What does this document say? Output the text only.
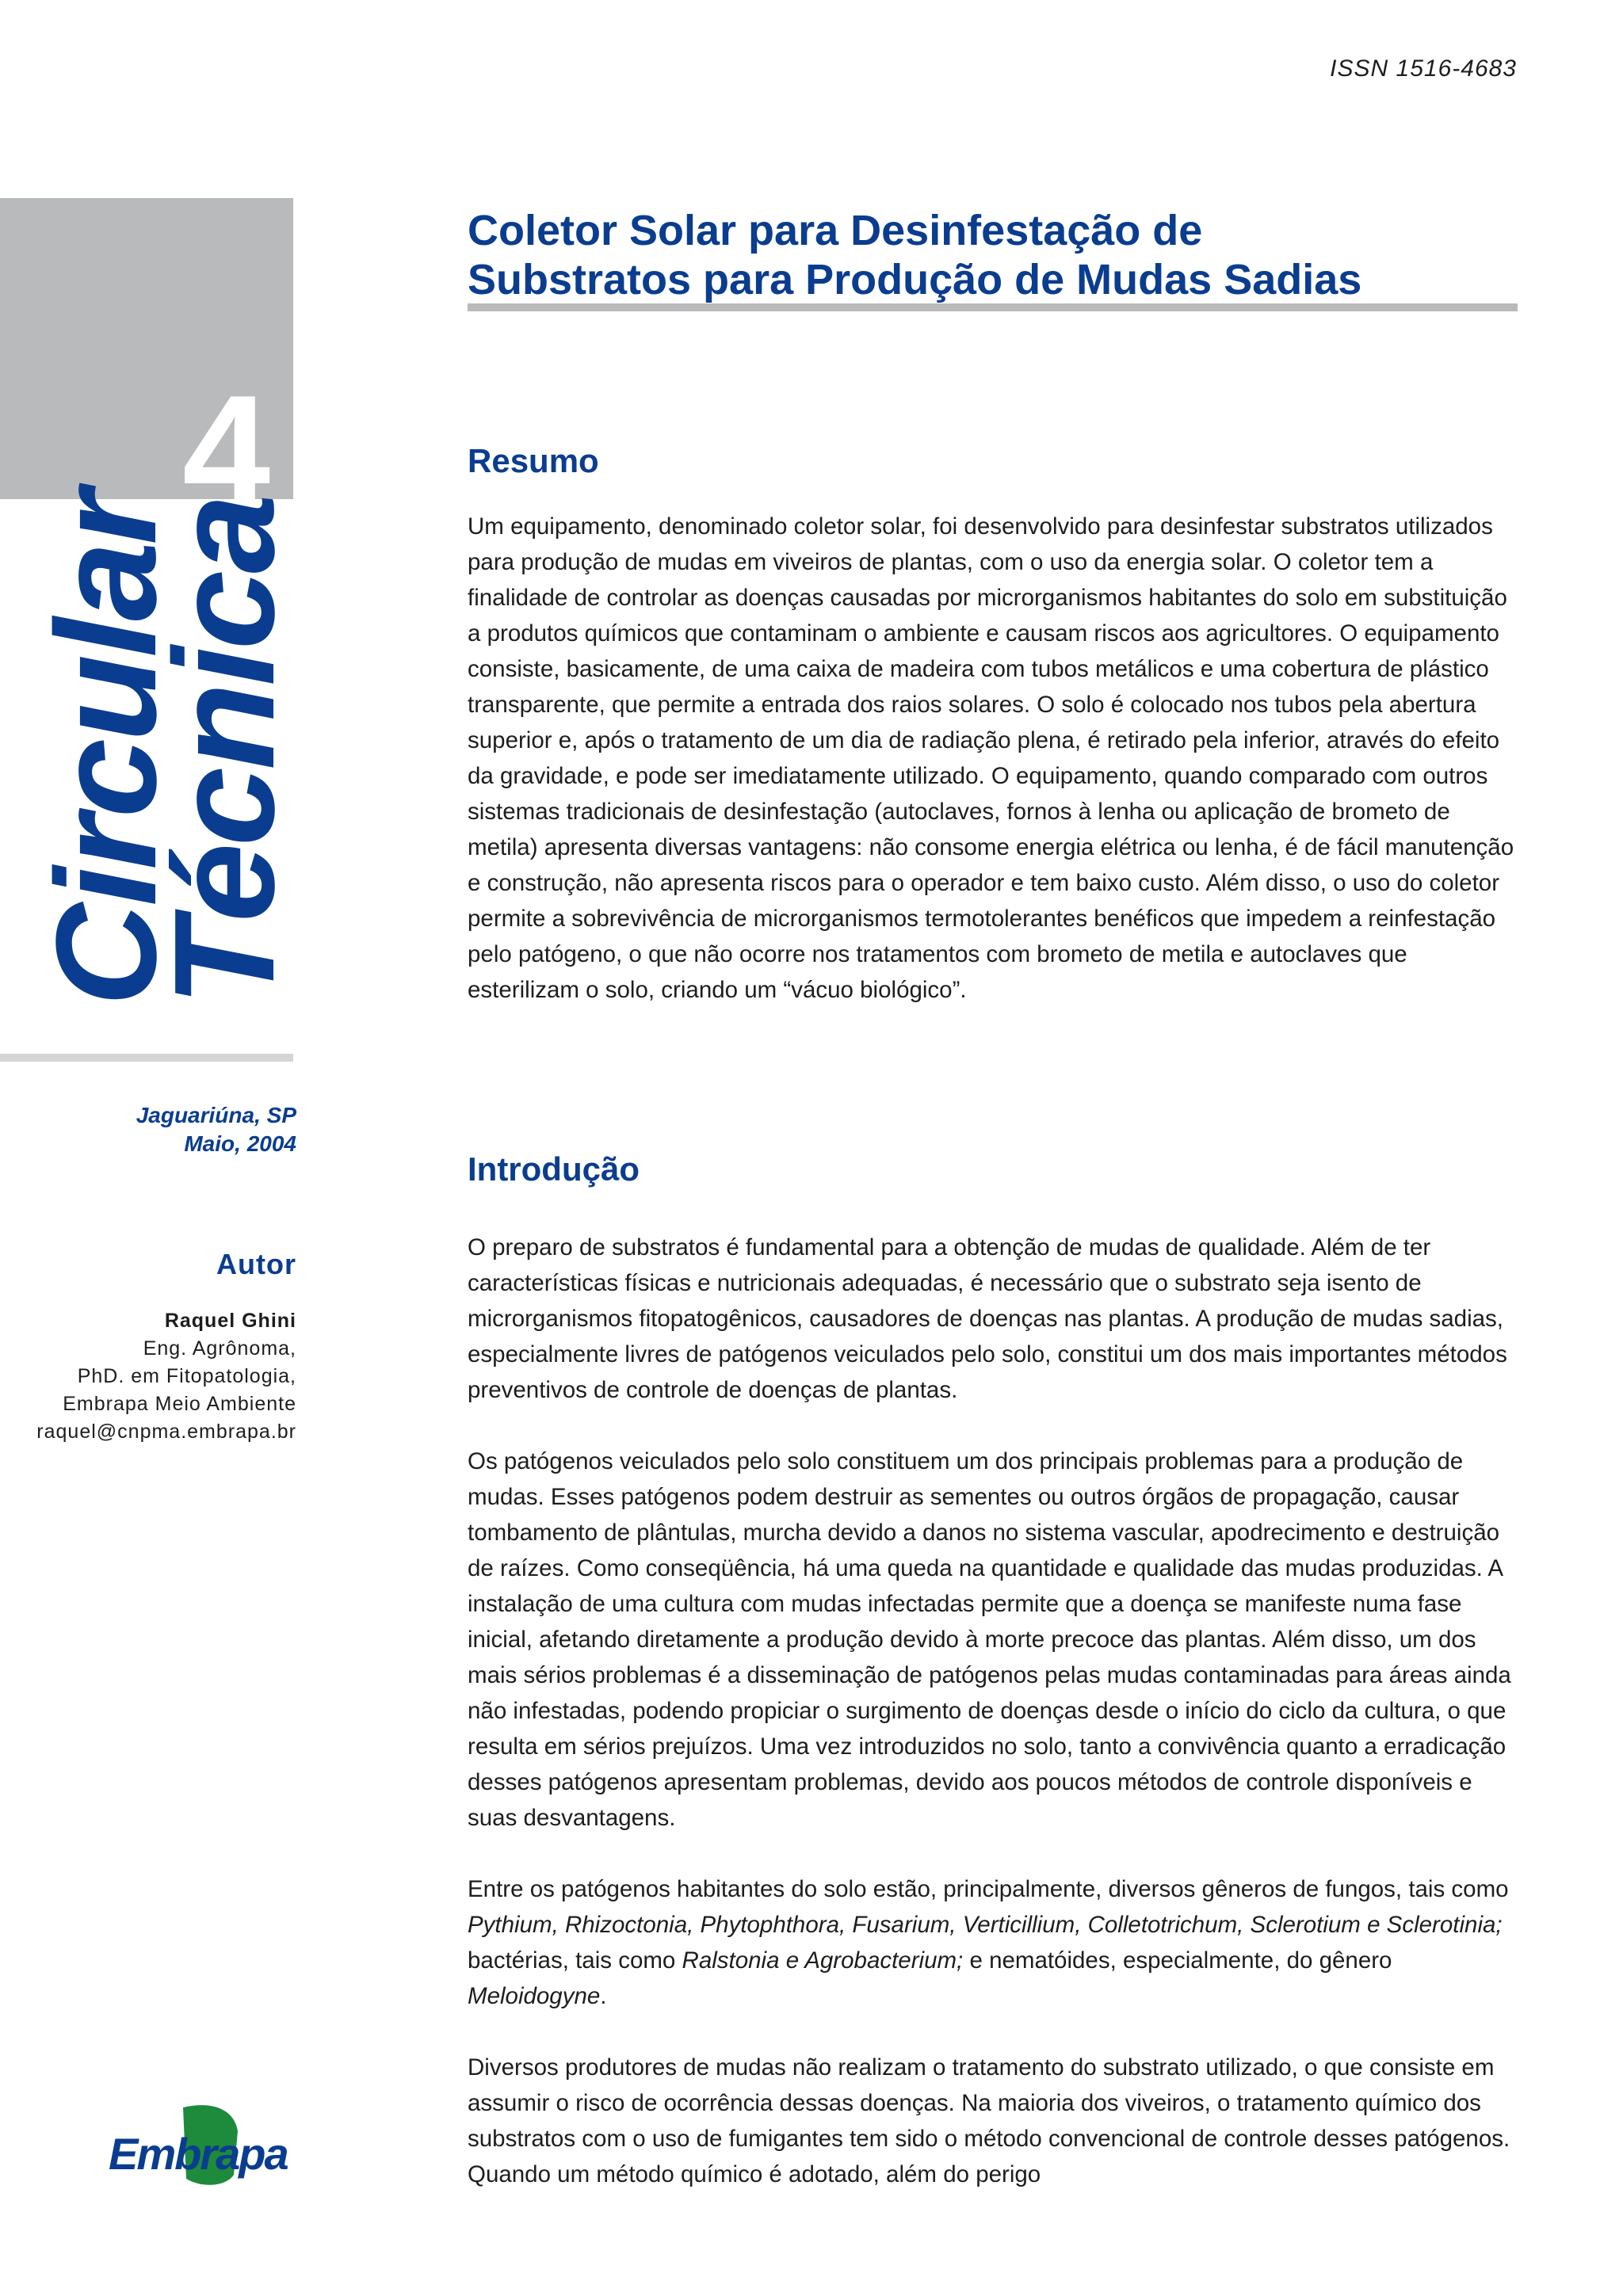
ISSN 1516-4683
4
Circular
Técnica
Jaguariúna, SP
Maio, 2004
Autor
Raquel Ghini
Eng. Agrônoma,
PhD. em Fitopatologia,
Embrapa Meio Ambiente
raquel@cnpma.embrapa.br
Embrapa
Coletor Solar para Desinfestação de
Substratos para Produção de Mudas Sadias
Resumo

Um equipamento, denominado coletor solar, foi desenvolvido para desinfestar substratos utilizados para produção de mudas em viveiros de plantas, com o uso da energia solar. O coletor tem a finalidade de controlar as doenças causadas por microrganismos habitantes do solo em substituição a produtos químicos que contaminam o ambiente e causam riscos aos agricultores. O equipamento consiste, basicamente, de uma caixa de madeira com tubos metálicos e uma cobertura de plástico transparente, que permite a entrada dos raios solares. O solo é colocado nos tubos pela abertura superior e, após o tratamento de um dia de radiação plena, é retirado pela inferior, através do efeito da gravidade, e pode ser imediatamente utilizado. O equipamento, quando comparado com outros sistemas tradicionais de desinfestação (autoclaves, fornos à lenha ou aplicação de brometo de metila) apresenta diversas vantagens: não consome energia elétrica ou lenha, é de fácil manutenção e construção, não apresenta riscos para o operador e tem baixo custo. Além disso, o uso do coletor permite a sobrevivência de microrganismos termotolerantes benéficos que impedem a reinfestação pelo patógeno, o que não ocorre nos tratamentos com brometo de metila e autoclaves que esterilizam o solo, criando um “vácuo biológico”.

Introdução

O preparo de substratos é fundamental para a obtenção de mudas de qualidade. Além de ter características físicas e nutricionais adequadas, é necessário que o substrato seja isento de microrganismos fitopatogênicos, causadores de doenças nas plantas. A produção de mudas sadias, especialmente livres de patógenos veiculados pelo solo, constitui um dos mais importantes métodos preventivos de controle de doenças de plantas.

Os patógenos veiculados pelo solo constituem um dos principais problemas para a produção de mudas. Esses patógenos podem destruir as sementes ou outros órgãos de propagação, causar tombamento de plântulas, murcha devido a danos no sistema vascular, apodrecimento e destruição de raízes. Como conseqüência, há uma queda na quantidade e qualidade das mudas produzidas. A instalação de uma cultura com mudas infectadas permite que a doença se manifeste numa fase inicial, afetando diretamente a produção devido à morte precoce das plantas. Além disso, um dos mais sérios problemas é a disseminação de patógenos pelas mudas contaminadas para áreas ainda não infestadas, podendo propiciar o surgimento de doenças desde o início do ciclo da cultura, o que resulta em sérios prejuízos. Uma vez introduzidos no solo, tanto a convivência quanto a erradicação desses patógenos apresentam problemas, devido aos poucos métodos de controle disponíveis e suas desvantagens.

Entre os patógenos habitantes do solo estão, principalmente, diversos gêneros de fungos, tais como Pythium, Rhizoctonia, Phytophthora, Fusarium, Verticillium, Colletotrichum, Sclerotium e Sclerotinia; bactérias, tais como Ralstonia e Agrobacterium; e nematóides, especialmente, do gênero Meloidogyne.

Diversos produtores de mudas não realizam o tratamento do substrato utilizado, o que consiste em assumir o risco de ocorrência dessas doenças. Na maioria dos viveiros, o tratamento químico dos substratos com o uso de fumigantes tem sido o método convencional de controle desses patógenos. Quando um método químico é adotado, além do perigo
